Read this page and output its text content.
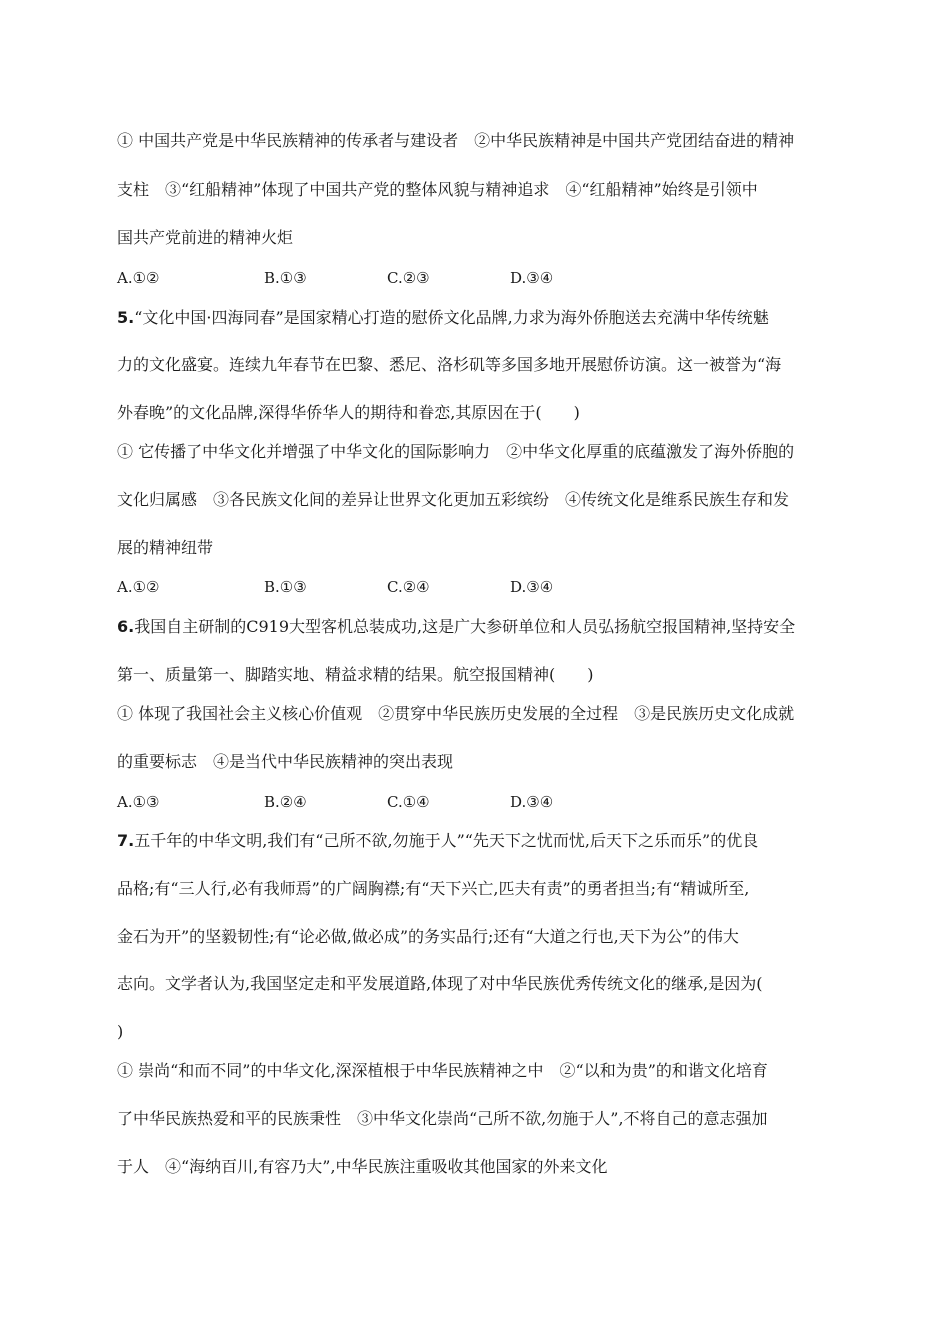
① 中国共产党是中华民族精神的传承者与建设者　②中华民族精神是中国共产党团结奋进的精神
支柱　③“红船精神”体现了中国共产党的整体风貌与精神追求　④“红船精神”始终是引领中
国共产党前进的精神火炬
A.①②	B.①③	C.②③	D.③④
5.“文化中国·四海同春”是国家精心打造的慰侨文化品牌,力求为海外侨胞送去充满中华传统魅
力的文化盛宴。连续九年春节在巴黎、悉尼、洛杉矶等多国多地开展慰侨访演。这一被誉为“海
外春晚”的文化品牌,深得华侨华人的期待和眷恋,其原因在于(　　)
① 它传播了中华文化并增强了中华文化的国际影响力　②中华文化厚重的底蕴激发了海外侨胞的
文化归属感　③各民族文化间的差异让世界文化更加五彩缤纷　④传统文化是维系民族生存和发
展的精神纽带
A.①②	B.①③	C.②④	D.③④
6.我国自主研制的C919大型客机总装成功,这是广大参研单位和人员弘扬航空报国精神,坚持安全
第一、质量第一、脚踏实地、精益求精的结果。航空报国精神(　　)
① 体现了我国社会主义核心价值观　②贯穿中华民族历史发展的全过程　③是民族历史文化成就
的重要标志　④是当代中华民族精神的突出表现
A.①③	B.②④	C.①④	D.③④
7.五千年的中华文明,我们有“己所不欲,勿施于人”“先天下之忧而忧,后天下之乐而乐”的优良
品格;有“三人行,必有我师焉”的广阔胸襟;有“天下兴亡,匹夫有责”的勇者担当;有“精诚所至,
金石为开”的坚毅韧性;有“论必做,做必成”的务实品行;还有“大道之行也,天下为公”的伟大
志向。文学者认为,我国坚定走和平发展道路,体现了对中华民族优秀传统文化的继承,是因为(
)
① 崇尚“和而不同”的中华文化,深深植根于中华民族精神之中　②“以和为贵”的和谐文化培育
了中华民族热爱和平的民族秉性　③中华文化崇尚“己所不欲,勿施于人”,不将自己的意志强加
于人　④“海纳百川,有容乃大”,中华民族注重吸收其他国家的外来文化
